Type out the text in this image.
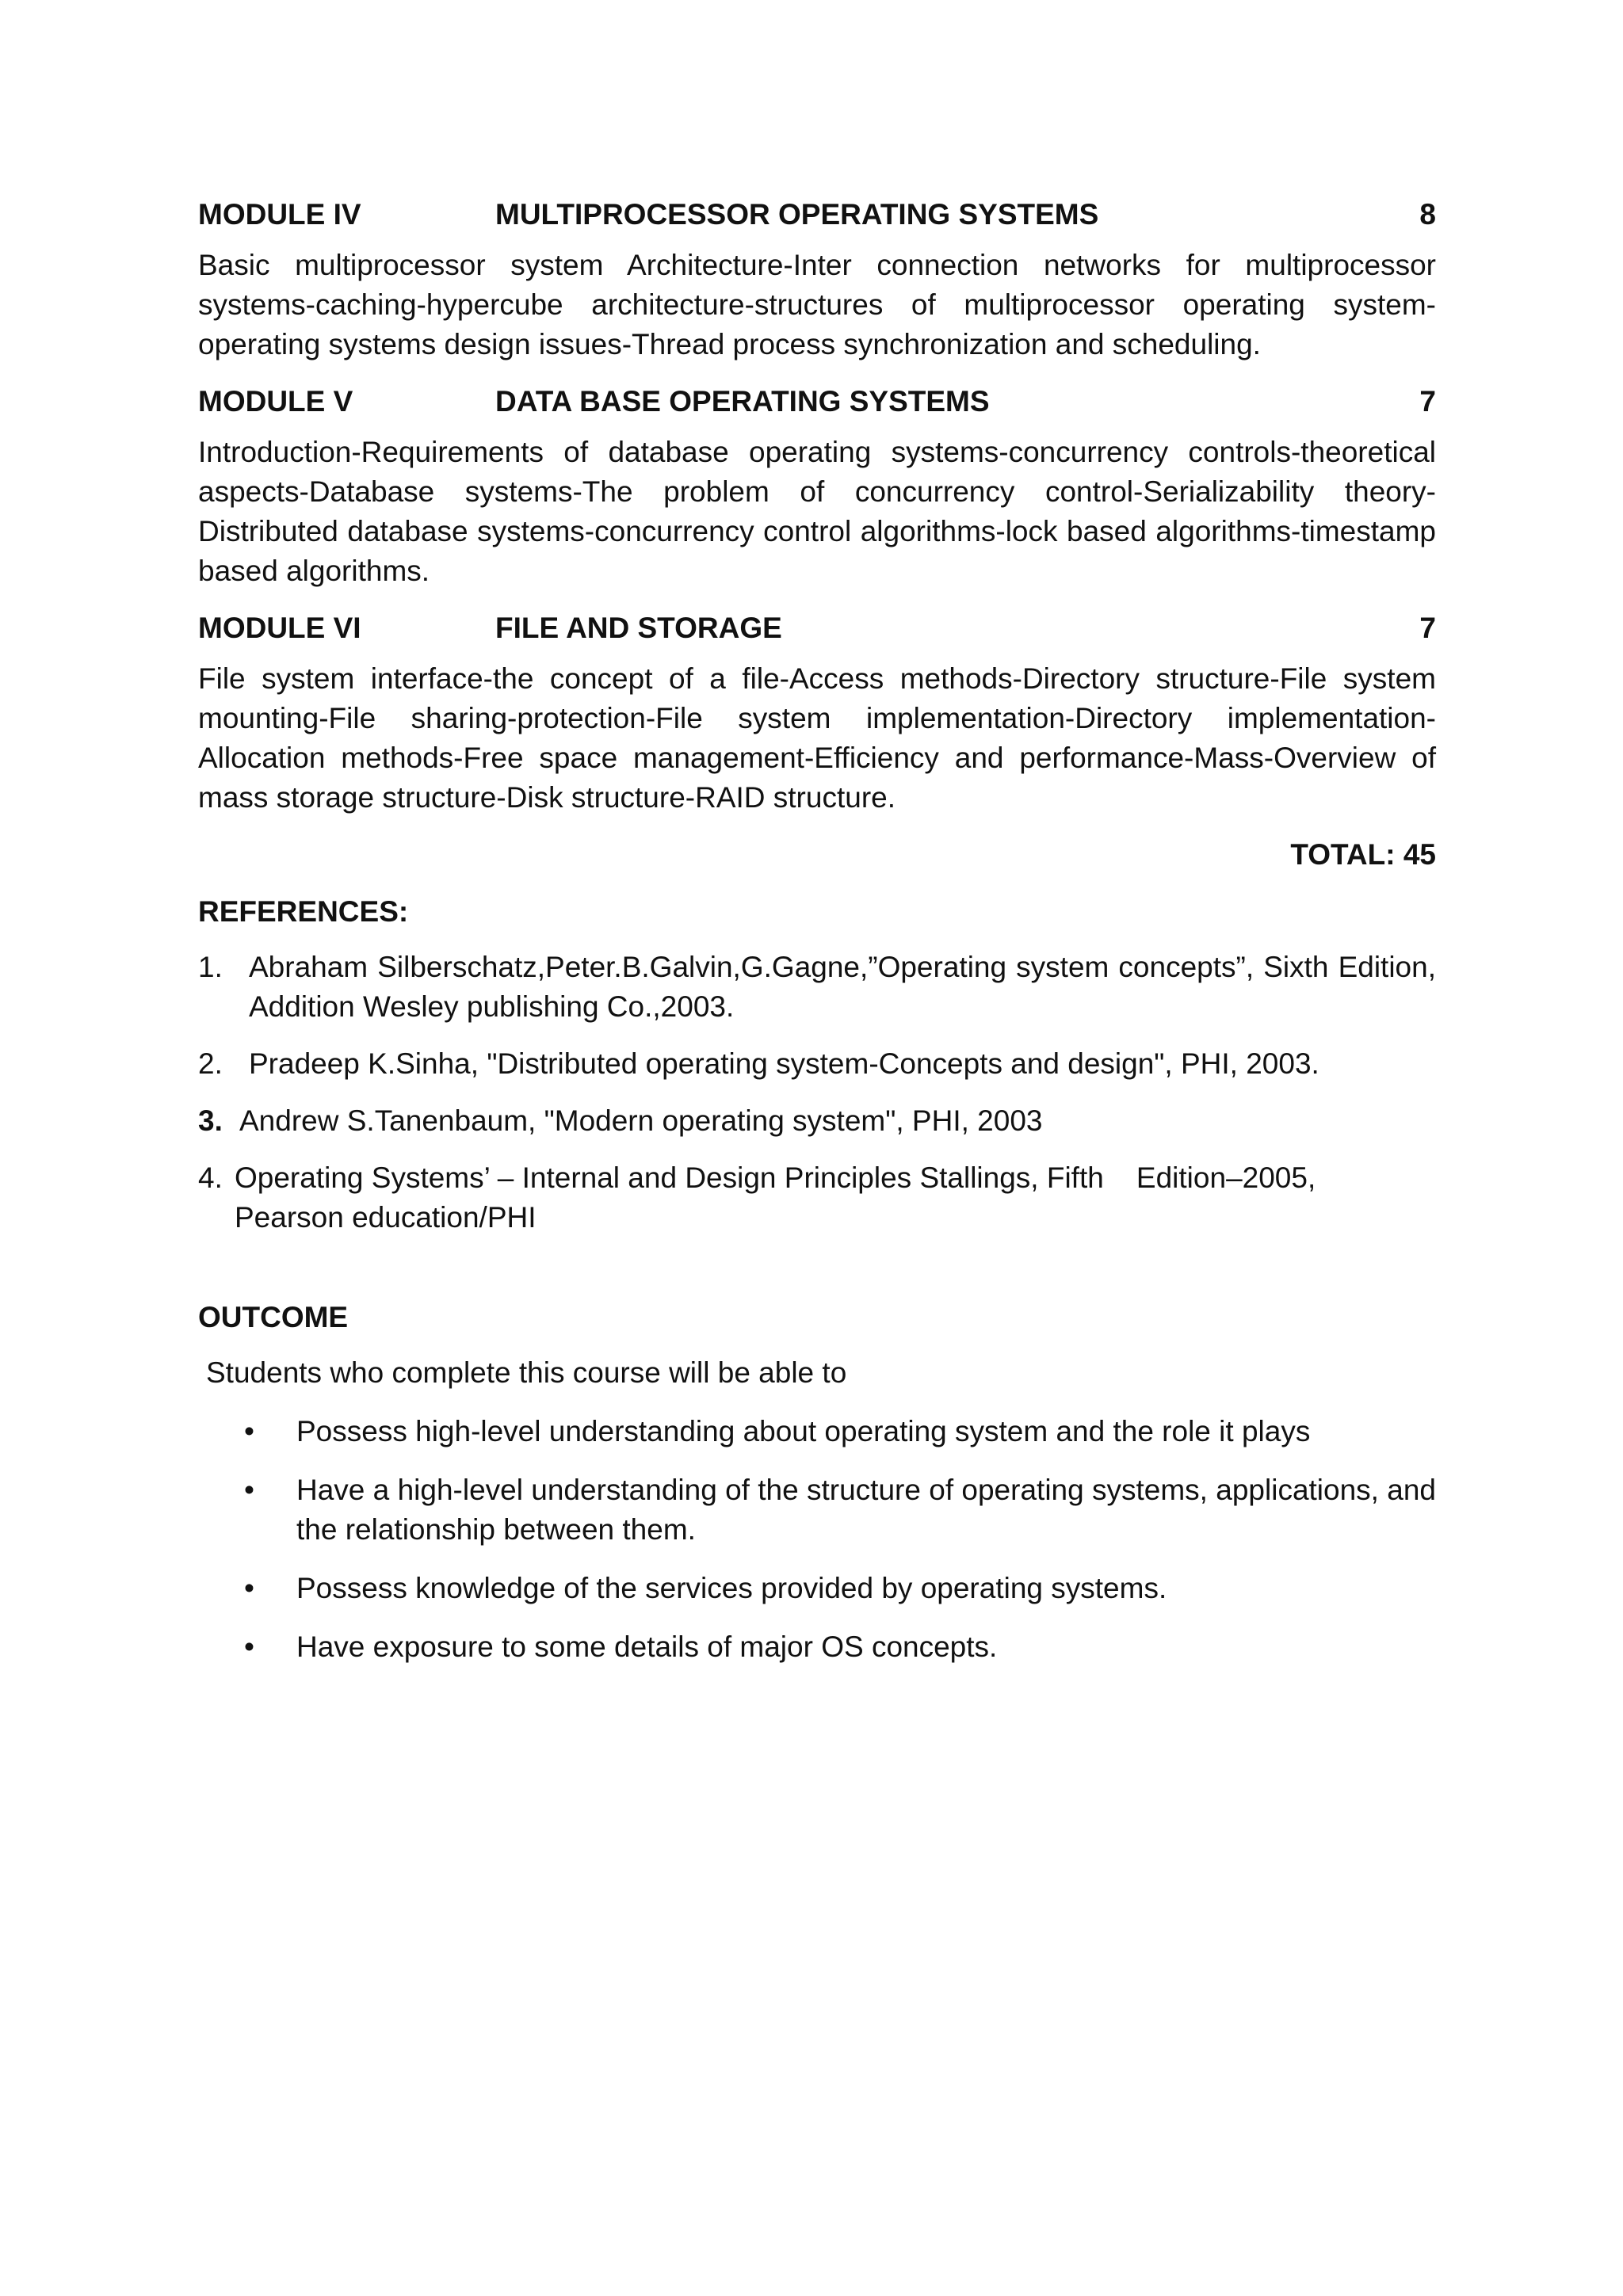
MODULE IV	MULTIPROCESSOR OPERATING SYSTEMS	8

Basic multiprocessor system Architecture-Inter connection networks for multiprocessor systems-caching-hypercube architecture-structures of multiprocessor operating system-operating systems design issues-Thread process synchronization and scheduling.

MODULE V	DATA BASE OPERATING SYSTEMS	7

Introduction-Requirements of database operating systems-concurrency controls-theoretical aspects-Database systems-The problem of concurrency control-Serializability theory-Distributed database systems-concurrency control algorithms-lock based algorithms-timestamp based algorithms.

MODULE VI	FILE AND STORAGE	7

File system interface-the concept of a file-Access methods-Directory structure-File system mounting-File sharing-protection-File system implementation-Directory implementation-Allocation methods-Free space management-Efficiency and performance-Mass-Overview of mass storage structure-Disk structure-RAID structure.

TOTAL: 45
REFERENCES:
1. Abraham Silberschatz,Peter.B.Galvin,G.Gagne,”Operating system concepts”, Sixth Edition, Addition Wesley publishing Co.,2003.
2. Pradeep K.Sinha, "Distributed operating system-Concepts and design", PHI, 2003.
3. Andrew S.Tanenbaum, "Modern operating system", PHI, 2003
4. Operating Systems’ – Internal and Design Principles Stallings, Fifth    Edition–2005, Pearson education/PHI
OUTCOME
Students who complete this course will be able to
•	Possess high-level understanding about operating system and the role it plays
•	Have a high-level understanding of the structure of operating systems, applications, and the relationship between them.
•	Possess knowledge of the services provided by operating systems.
•	Have exposure to some details of major OS concepts.
